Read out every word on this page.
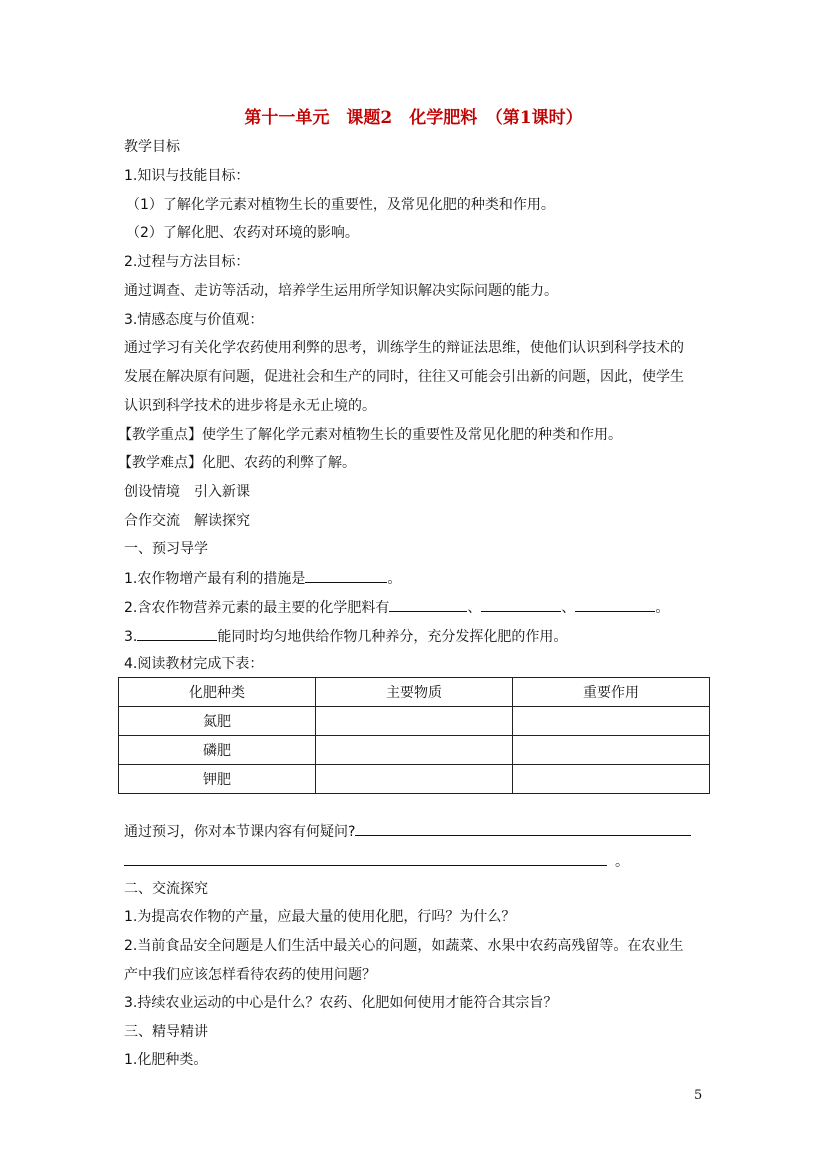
第十一单元　课题2　化学肥料　（第1课时）
教学目标
1.知识与技能目标：
（1）了解化学元素对植物生长的重要性，及常见化肥的种类和作用。
（2）了解化肥、农药对环境的影响。
2.过程与方法目标：
通过调查、走访等活动，培养学生运用所学知识解决实际问题的能力。
3.情感态度与价值观：
通过学习有关化学农药使用利弊的思考，训练学生的辩证法思维，使他们认识到科学技术的
发展在解决原有问题，促进社会和生产的同时，往往又可能会引出新的问题，因此，使学生
认识到科学技术的进步将是永无止境的。
【教学重点】使学生了解化学元素对植物生长的重要性及常见化肥的种类和作用。
【教学难点】化肥、农药的利弊了解。
创设情境　引入新课
合作交流　解读探究
一、预习导学
1.农作物增产最有利的措施是	。
2.含农作物营养元素的最主要的化学肥料有	、	、	。
3.	能同时均匀地供给作物几种养分，充分发挥化肥的作用。
4.阅读教材完成下表：
化肥种类	主要物质	重要作用
氮肥		
磷肥		
钾肥		
通过预习，你对本节课内容有何疑问?
。
二、交流探究
1.为提高农作物的产量，应最大量的使用化肥，行吗？为什么？
2.当前食品安全问题是人们生活中最关心的问题，如蔬菜、水果中农药高残留等。在农业生
产中我们应该怎样看待农药的使用问题？
3.持续农业运动的中心是什么？农药、化肥如何使用才能符合其宗旨？
三、精导精讲
1.化肥种类。
5
